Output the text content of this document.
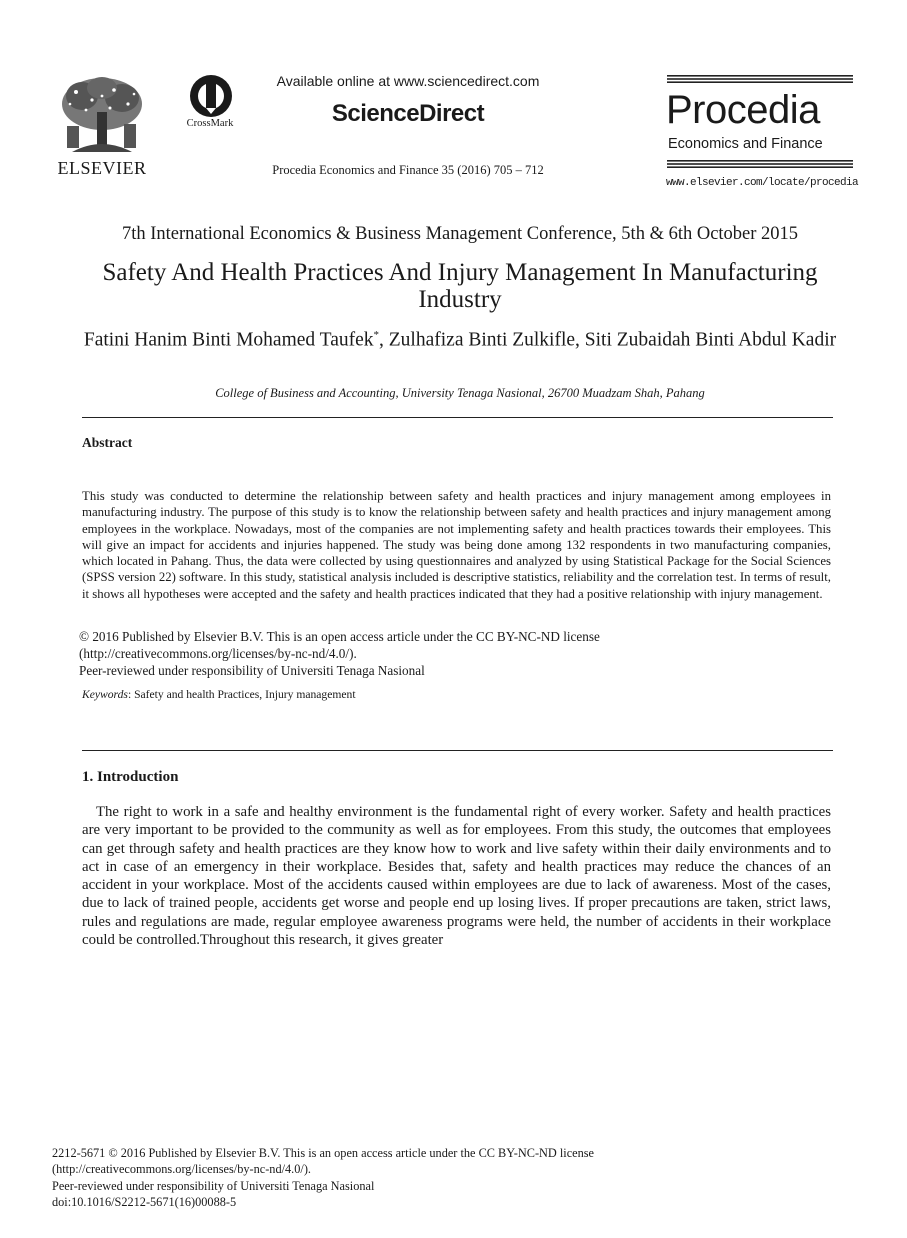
ELSEVIER
CrossMark
Available online at www.sciencedirect.com
ScienceDirect
Procedia Economics and Finance 35 (2016) 705 – 712
Procedia
Economics and Finance
www.elsevier.com/locate/procedia
7th International Economics & Business Management Conference, 5th & 6th October 2015
Safety And Health Practices And Injury Management In Manufacturing Industry
Fatini Hanim Binti Mohamed Taufek*, Zulhafiza Binti Zulkifle, Siti Zubaidah Binti Abdul Kadir
College of Business and Accounting, University Tenaga Nasional, 26700 Muadzam Shah, Pahang
Abstract
This study was conducted to determine the relationship between safety and health practices and injury management among employees in manufacturing industry. The purpose of this study is to know the relationship between safety and health practices and injury management among employees in the workplace. Nowadays, most of the companies are not implementing safety and health practices towards their employees. This will give an impact for accidents and injuries happened. The study was being done among 132 respondents in two manufacturing companies, which located in Pahang. Thus, the data were collected by using questionnaires and analyzed by using Statistical Package for the Social Sciences (SPSS version 22) software. In this study, statistical analysis included is descriptive statistics, reliability and the correlation test. In terms of result, it shows all hypotheses were accepted and the safety and health practices indicated that they had a positive relationship with injury management.
© 2016 Published by Elsevier B.V. This is an open access article under the CC BY-NC-ND license
(http://creativecommons.org/licenses/by-nc-nd/4.0/).
Peer-reviewed under responsibility of Universiti Tenaga Nasional
Keywords: Safety and health Practices, Injury management
1. Introduction
The right to work in a safe and healthy environment is the fundamental right of every worker. Safety and health practices are very important to be provided to the community as well as for employees. From this study, the outcomes that employees can get through safety and health practices are they know how to work and live safety within their daily environments and to act in case of an emergency in their workplace. Besides that, safety and health practices may reduce the chances of an accident in your workplace. Most of the accidents caused within employees are due to lack of awareness. Most of the cases, due to lack of trained people, accidents get worse and people end up losing lives. If proper precautions are taken, strict laws, rules and regulations are made, regular employee awareness programs were held, the number of accidents in their workplace could be controlled.Throughout this research, it gives greater
2212-5671 © 2016 Published by Elsevier B.V. This is an open access article under the CC BY-NC-ND license
(http://creativecommons.org/licenses/by-nc-nd/4.0/).
Peer-reviewed under responsibility of Universiti Tenaga Nasional
doi:10.1016/S2212-5671(16)00088-5
